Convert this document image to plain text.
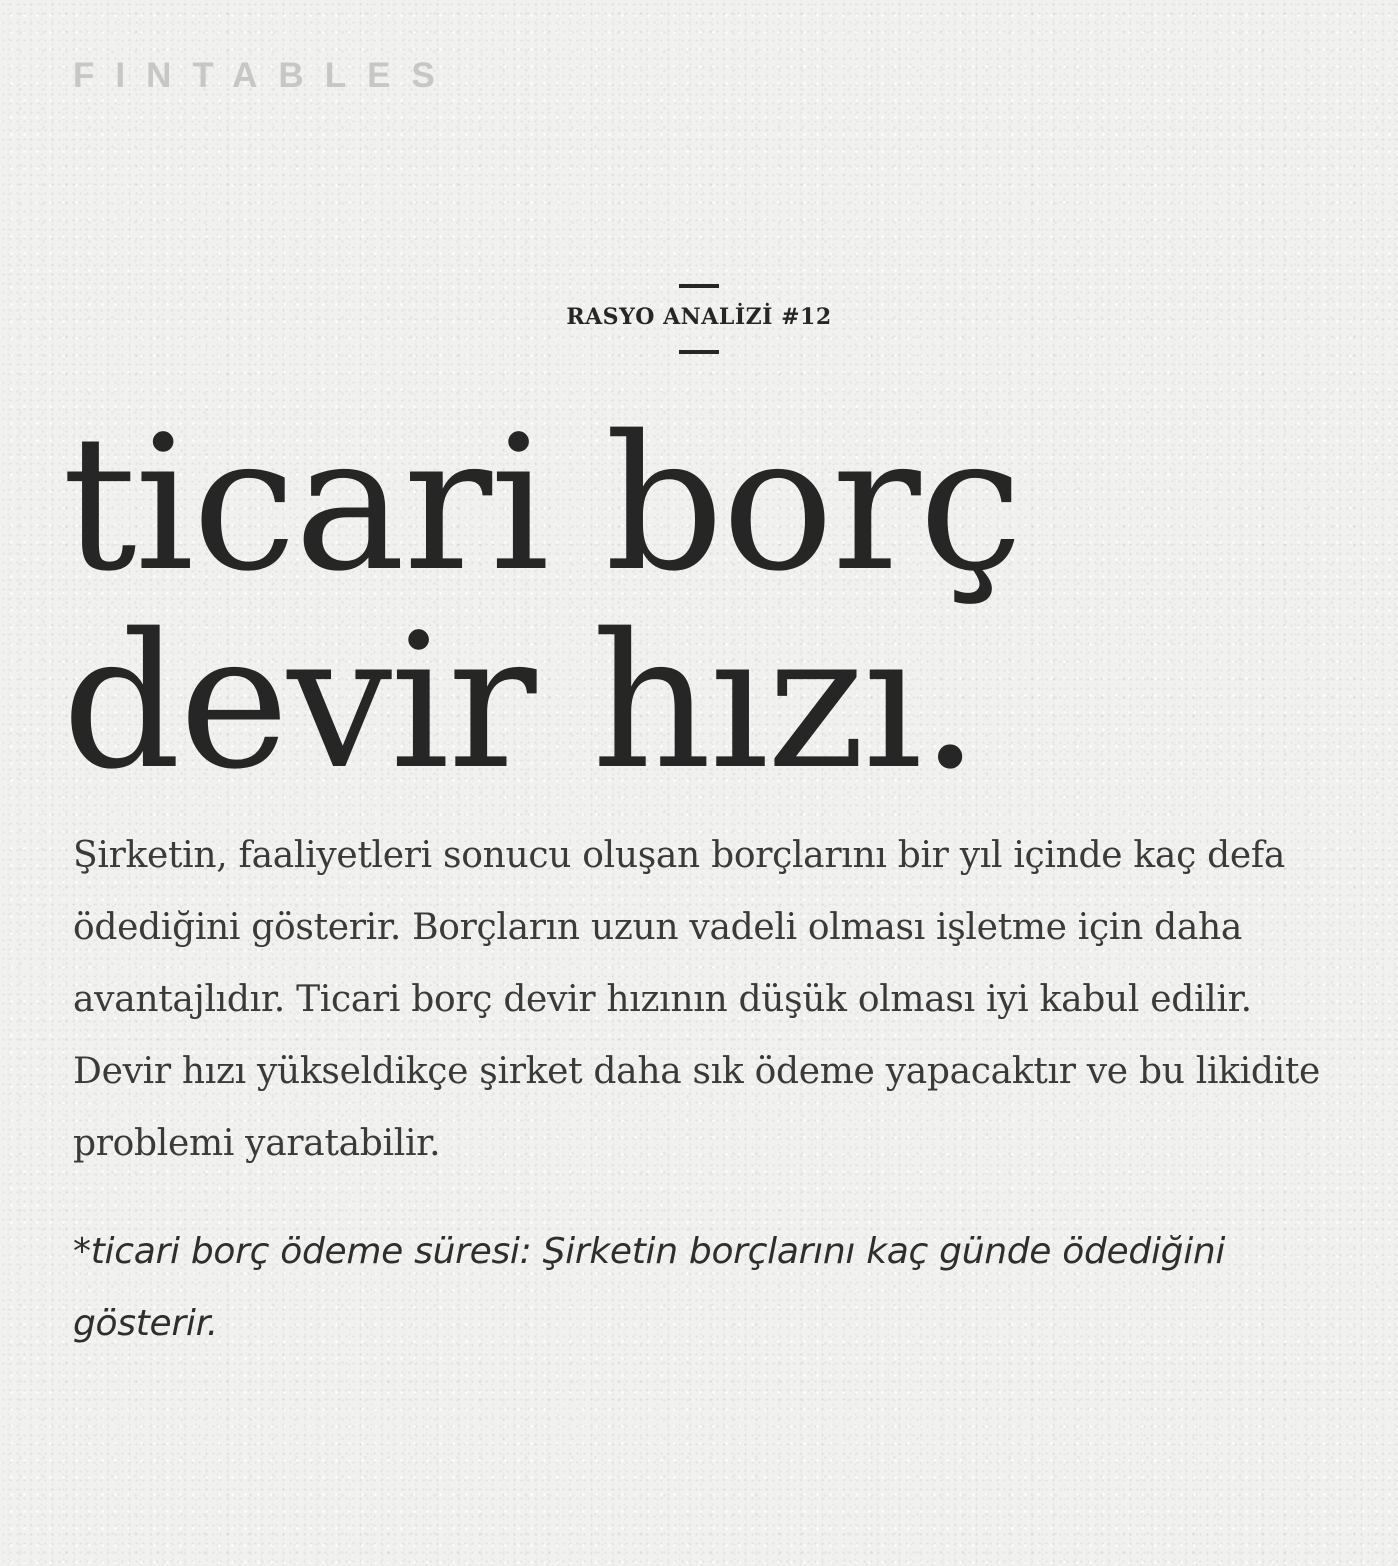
FINTABLES
RASYO ANALİZİ #12
ticari borç
devir hızı.

Şirketin, faaliyetleri sonucu oluşan borçlarını bir yıl içinde kaç defa ödediğini gösterir. Borçların uzun vadeli olması işletme için daha avantajlıdır. Ticari borç devir hızının düşük olması iyi kabul edilir. Devir hızı yükseldikçe şirket daha sık ödeme yapacaktır ve bu likidite problemi yaratabilir.

*ticari borç ödeme süresi: Şirketin borçlarını kaç günde ödediğini gösterir.
